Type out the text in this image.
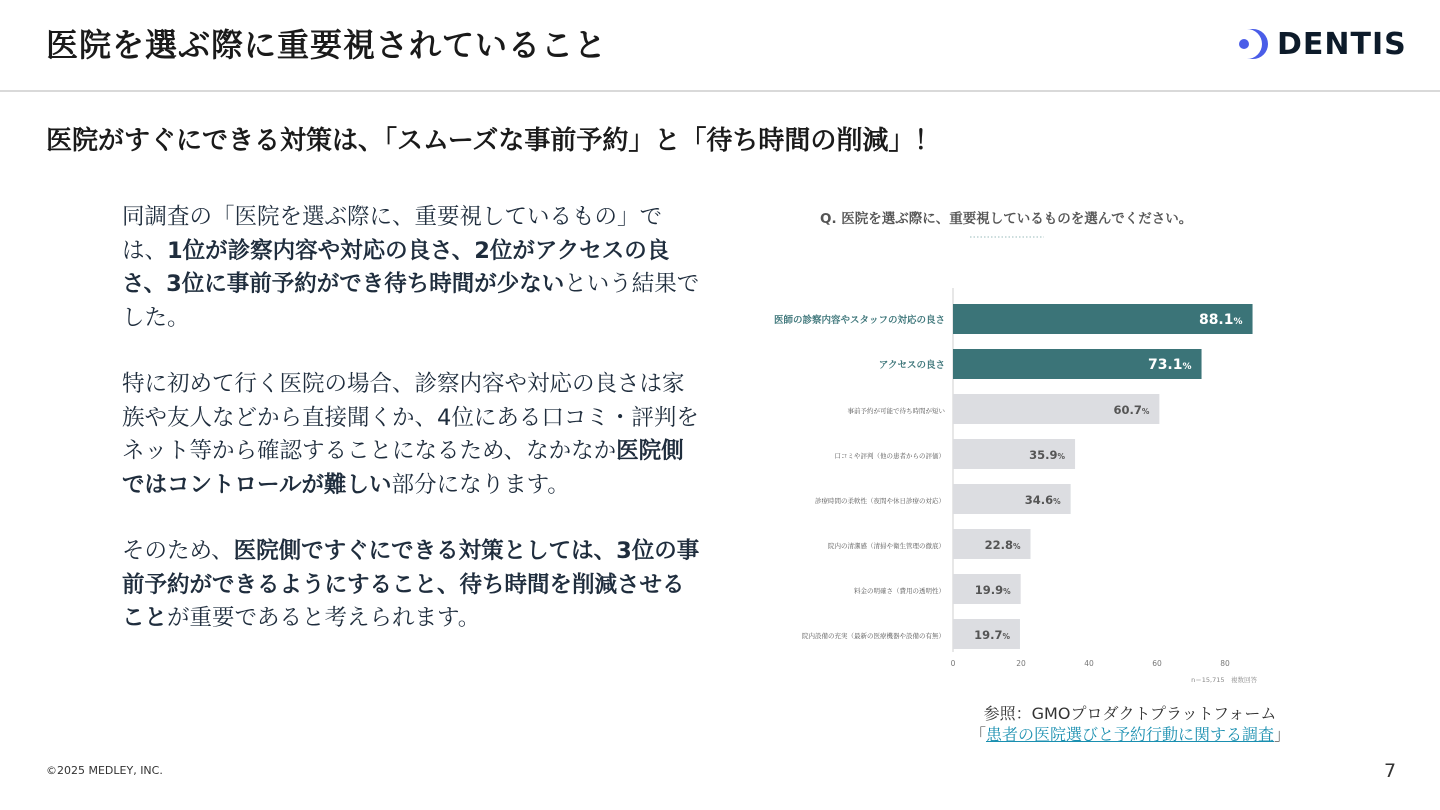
医院を選ぶ際に重要視されていること	DENTIS
医院がすぐにできる対策は、「スムーズな事前予約」と「待ち時間の削減」！

同調査の「医院を選ぶ際に、重要視しているもの」では、1位が診察内容や対応の良さ、2位がアクセスの良さ、3位に事前予約ができ待ち時間が少ないという結果でした。

特に初めて行く医院の場合、診察内容や対応の良さは家族や友人などから直接聞くか、4位にある口コミ・評判をネット等から確認することになるため、なかなか医院側ではコントロールが難しい部分になります。

そのため、医院側ですぐにできる対策としては、3位の事前予約ができるようにすること、待ち時間を削減させることが重要であると考えられます。

Q. 医院を選ぶ際に、重要視しているものを選んでください。
医師の診察内容やスタッフの対応の良さ	88.1%
アクセスの良さ	73.1%
事前予約が可能で待ち時間が短い	60.7%
口コミや評判（他の患者からの評価）	35.9%
診療時間の柔軟性（夜間や休日診療の対応）	34.6%
院内の清潔感（清掃や衛生管理の徹底）	22.8%
料金の明確さ（費用の透明性）	19.9%
院内設備の充実（最新の医療機器や設備の有無）	19.7%
0	20	40	60	80
n＝15,715　複数回答
参照：GMOプロダクトプラットフォーム
「患者の医院選びと予約行動に関する調査」
©2025 MEDLEY, INC.	7
